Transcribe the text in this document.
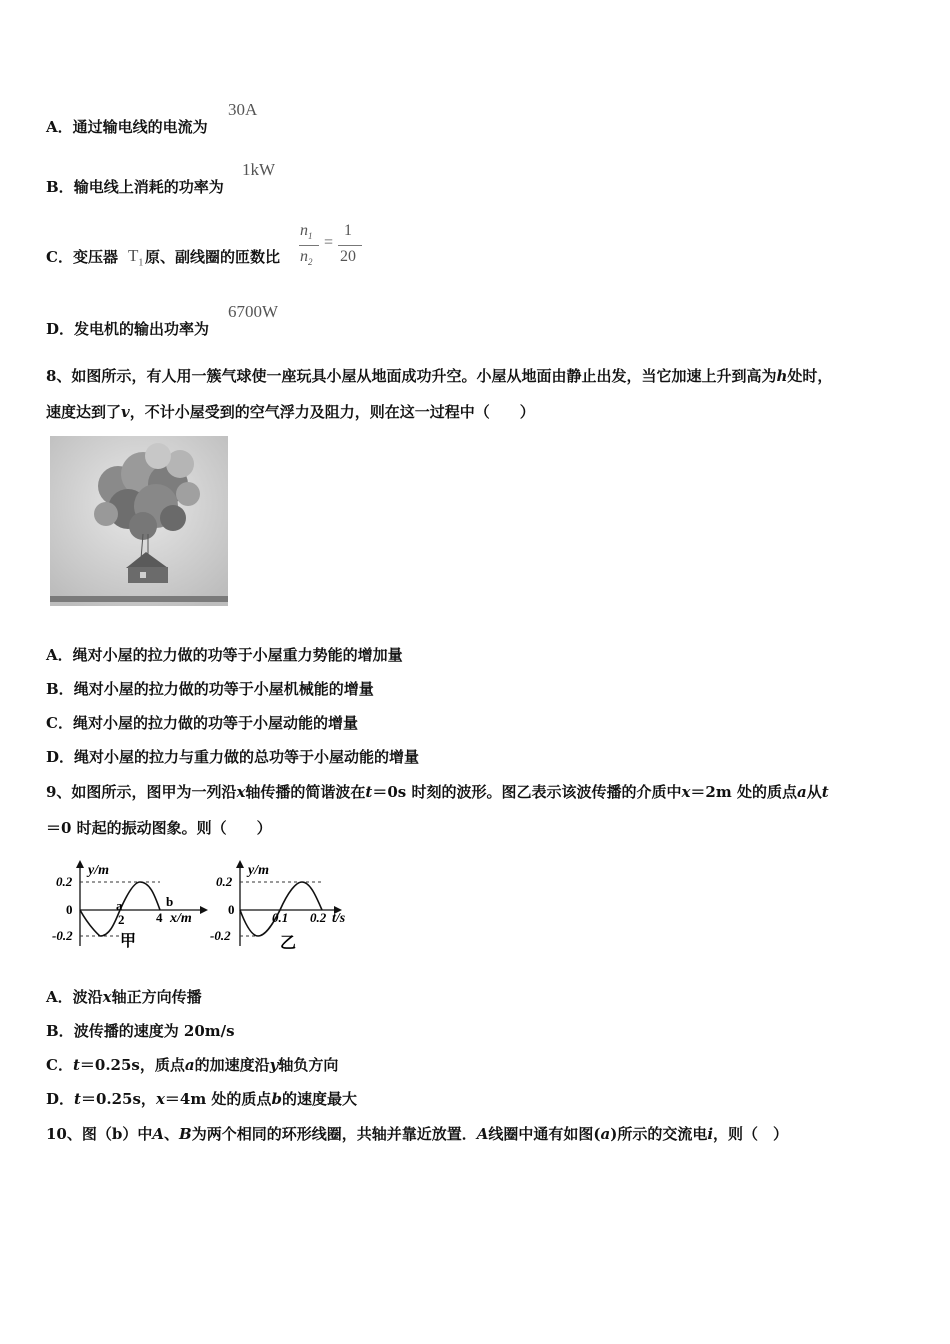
A．通过输电线的电流为
30A
B．输电线上消耗的功率为
1kW
C．变压器 $T_1$ 原、副线圈的匝数比
$n_1$
$n_2$
=
1
20
D．发电机的输出功率为
6700W
8、如图所示，有人用一簇气球使一座玩具小屋从地面成功升空。小屋从地面由静止出发，当它加速上升到高为h处时，
速度达到了v，不计小屋受到的空气浮力及阻力，则在这一过程中（　　）
A．绳对小屋的拉力做的功等于小屋重力势能的增加量
B．绳对小屋的拉力做的功等于小屋机械能的增量
C．绳对小屋的拉力做的功等于小屋动能的增量
D．绳对小屋的拉力与重力做的总功等于小屋动能的增量
9、如图所示，图甲为一列沿x轴传播的简谐波在t＝0s 时刻的波形。图乙表示该波传播的介质中x＝2m 处的质点a从t
＝0 时起的振动图象。则（　　）
y/m
0.2
0
-0.2
a
2
b
4 x/m
甲
y/m
0.2
0
-0.2
0.1 0.2 t/s
乙
A．波沿x轴正方向传播
B．波传播的速度为 20m/s
C．t＝0.25s，质点a的加速度沿y轴负方向
D．t＝0.25s，x＝4m 处的质点b的速度最大
10、图（b）中A、B为两个相同的环形线圈，共轴并靠近放置．A线圈中通有如图(a)所示的交流电i，则（　）
